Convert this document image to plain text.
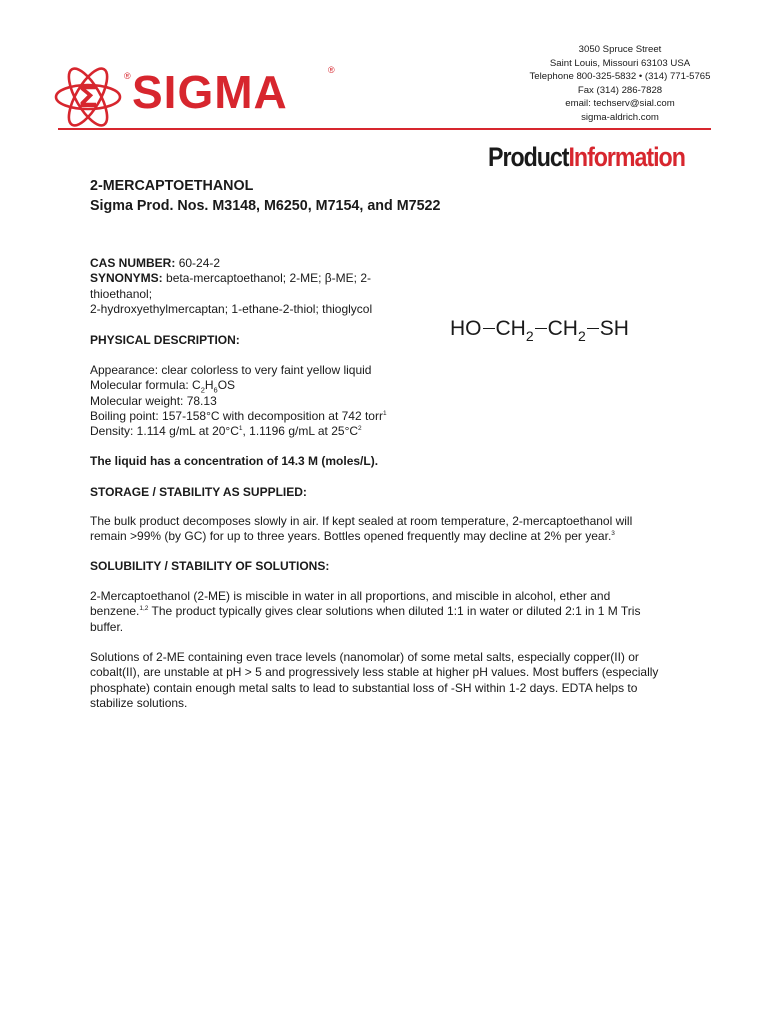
Σ
® SIGMA	®
3050 Spruce Street
Saint Louis, Missouri 63103 USA
Telephone 800-325-5832 • (314) 771-5765
Fax (314) 286-7828
email: techserv@sial.com
sigma-aldrich.com
ProductInformation
2-MERCAPTOETHANOL
Sigma Prod. Nos. M3148, M6250, M7154, and M7522
CAS NUMBER: 60-24-2
SYNONYMS: beta-mercaptoethanol; 2-ME; β-ME; 2-
thioethanol;
2-hydroxyethylmercaptan; 1-ethane-2-thiol; thioglycol
HO $CH_2$ $CH_2$ SH
PHYSICAL DESCRIPTION:
Appearance: clear colorless to very faint yellow liquid
Molecular formula: $C_2H_6OS$
Molecular weight: 78.13
Boiling point: 157-158°C with decomposition at 742 torr$^1$
Density: 1.114 g/mL at $20^\circ C^1$, 1.1196 g/mL at $25^\circ C^2$
The liquid has a concentration of 14.3 M (moles/L).
STORAGE / STABILITY AS SUPPLIED:
The bulk product decomposes slowly in air. If kept sealed at room temperature, 2-mercaptoethanol will
remain >99% (by GC) for up to three years. Bottles opened frequently may decline at 2% per year.$^3$
SOLUBILITY / STABILITY OF SOLUTIONS:
2-Mercaptoethanol (2-ME) is miscible in water in all proportions, and miscible in alcohol, ether and
benzene.$^{1,2}$ The product typically gives clear solutions when diluted 1:1 in water or diluted 2:1 in 1 M Tris
buffer.
Solutions of 2-ME containing even trace levels (nanomolar) of some metal salts, especially copper(II) or
cobalt(II), are unstable at pH > 5 and progressively less stable at higher pH values. Most buffers (especially
phosphate) contain enough metal salts to lead to substantial loss of -SH within 1-2 days. EDTA helps to
stabilize solutions.
